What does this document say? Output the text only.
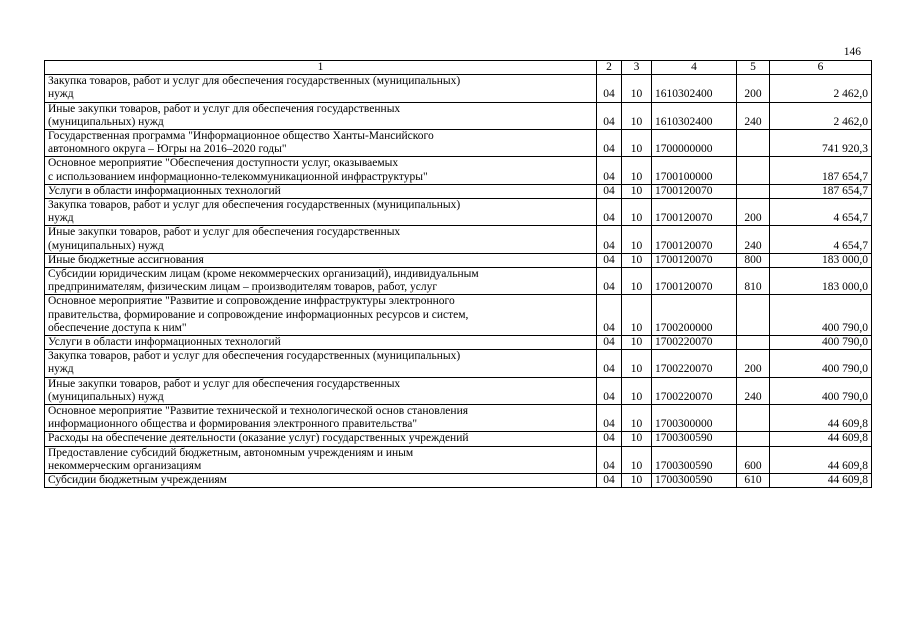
146
1	2	3	4	5	6

Закупка товаров, работ и услуг для обеспечения государственных (муниципальных)
нужд	04	10	1610302400	200	2 462,0

Иные закупки товаров, работ и услуг для обеспечения государственных
(муниципальных) нужд	04	10	1610302400	240	2 462,0

Государственная программа "Информационное общество Ханты-Мансийского
автономного округа – Югры на 2016–2020 годы"	04	10	1700000000		741 920,3

Основное мероприятие "Обеспечения доступности услуг, оказываемых
с использованием информационно-телекоммуникационной инфраструктуры"	04	10	1700100000		187 654,7

Услуги в области информационных технологий	04	10	1700120070		187 654,7

Закупка товаров, работ и услуг для обеспечения государственных (муниципальных)
нужд	04	10	1700120070	200	4 654,7

Иные закупки товаров, работ и услуг для обеспечения государственных
(муниципальных) нужд	04	10	1700120070	240	4 654,7

Иные бюджетные ассигнования	04	10	1700120070	800	183 000,0

Субсидии юридическим лицам (кроме некоммерческих организаций), индивидуальным
предпринимателям, физическим лицам – производителям товаров, работ, услуг	04	10	1700120070	810	183 000,0

Основное мероприятие "Развитие и сопровождение инфраструктуры электронного
правительства, формирование и сопровождение информационных ресурсов и систем,
обеспечение доступа к ним"	04	10	1700200000		400 790,0

Услуги в области информационных технологий	04	10	1700220070		400 790,0

Закупка товаров, работ и услуг для обеспечения государственных (муниципальных)
нужд	04	10	1700220070	200	400 790,0

Иные закупки товаров, работ и услуг для обеспечения государственных
(муниципальных) нужд	04	10	1700220070	240	400 790,0

Основное мероприятие "Развитие технической и технологической основ становления
информационного общества и формирования электронного правительства"	04	10	1700300000		44 609,8

Расходы на обеспечение деятельности (оказание услуг) государственных учреждений	04	10	1700300590		44 609,8

Предоставление субсидий бюджетным, автономным учреждениям и иным
некоммерческим организациям	04	10	1700300590	600	44 609,8

Субсидии бюджетным учреждениям	04	10	1700300590	610	44 609,8
